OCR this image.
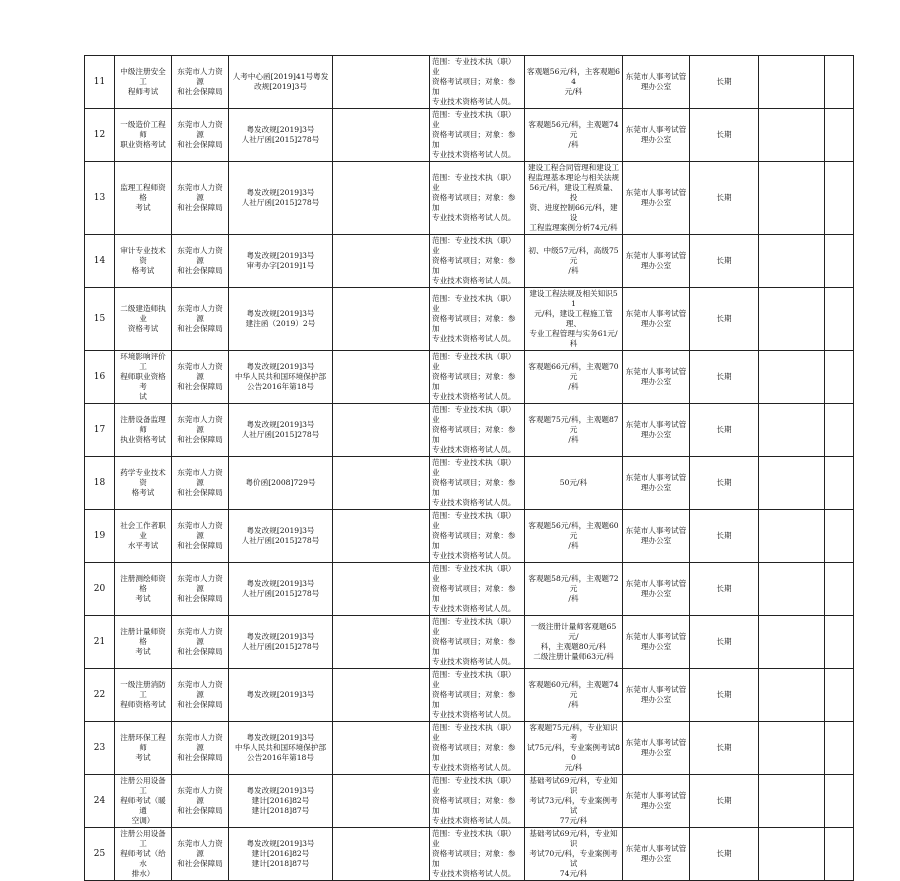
11	中级注册安全工
程师考试	东莞市人力资源
和社会保障局	人考中心函[2019]41号粤发
改规[2019]3号		范围：专业技术执（职）业
资格考试项目；对象：参加
专业技术资格考试人员。	客观题56元/科，主客观题64
元/科	东莞市人事考试管
理办公室	长期		
12	一级造价工程师
职业资格考试	东莞市人力资源
和社会保障局	粤发改规[2019]3号
人社厅函[2015]278号		范围：专业技术执（职）业
资格考试项目；对象：参加
专业技术资格考试人员。	客观题56元/科，主观题74元
/科	东莞市人事考试管
理办公室	长期		
13	监理工程师资格
考试	东莞市人力资源
和社会保障局	粤发改规[2019]3号
人社厅函[2015]278号		范围：专业技术执（职）业
资格考试项目；对象：参加
专业技术资格考试人员。	建设工程合同管理和建设工
程监理基本理论与相关法规
56元/科，建设工程质量、投
资、进度控制66元/科，建设
工程监理案例分析74元/科	东莞市人事考试管
理办公室	长期		
14	审计专业技术资
格考试	东莞市人力资源
和社会保障局	粤发改规[2019]3号
审考办字[2019]1号		范围：专业技术执（职）业
资格考试项目；对象：参加
专业技术资格考试人员。	初、中级57元/科，高级75元
/科	东莞市人事考试管
理办公室	长期		
15	二级建造师执业
资格考试	东莞市人力资源
和社会保障局	粤发改规[2019]3号
建注函（2019）2号		范围：专业技术执（职）业
资格考试项目；对象：参加
专业技术资格考试人员。	建设工程法规及相关知识51
元/科，建设工程施工管理、
专业工程管理与实务61元/科	东莞市人事考试管
理办公室	长期		
16	环境影响评价工
程师职业资格考
试	东莞市人力资源
和社会保障局	粤发改规[2019]3号
中华人民共和国环境保护部
公告2016年第18号		范围：专业技术执（职）业
资格考试项目；对象：参加
专业技术资格考试人员。	客观题66元/科，主观题70元
/科	东莞市人事考试管
理办公室	长期		
17	注册设备监理师
执业资格考试	东莞市人力资源
和社会保障局	粤发改规[2019]3号
人社厅函[2015]278号		范围：专业技术执（职）业
资格考试项目；对象：参加
专业技术资格考试人员。	客观题75元/科，主观题87元
/科	东莞市人事考试管
理办公室	长期		
18	药学专业技术资
格考试	东莞市人力资源
和社会保障局	粤价函[2008]729号		范围：专业技术执（职）业
资格考试项目；对象：参加
专业技术资格考试人员。	50元/科	东莞市人事考试管
理办公室	长期		
19	社会工作者职业
水平考试	东莞市人力资源
和社会保障局	粤发改规[2019]3号
人社厅函[2015]278号		范围：专业技术执（职）业
资格考试项目；对象：参加
专业技术资格考试人员。	客观题56元/科，主观题60元
/科	东莞市人事考试管
理办公室	长期		
20	注册测绘师资格
考试	东莞市人力资源
和社会保障局	粤发改规[2019]3号
人社厅函[2015]278号		范围：专业技术执（职）业
资格考试项目；对象：参加
专业技术资格考试人员。	客观题58元/科，主观题72元
/科	东莞市人事考试管
理办公室	长期		
21	注册计量师资格
考试	东莞市人力资源
和社会保障局	粤发改规[2019]3号
人社厅函[2015]278号		范围：专业技术执（职）业
资格考试项目；对象：参加
专业技术资格考试人员。	一级注册计量师客观题65元/
科，主观题80元/科
二级注册计量师63元/科	东莞市人事考试管
理办公室	长期		
22	一级注册消防工
程师资格考试	东莞市人力资源
和社会保障局	粤发改规[2019]3号		范围：专业技术执（职）业
资格考试项目；对象：参加
专业技术资格考试人员。	客观题60元/科，主观题74元
/科	东莞市人事考试管
理办公室	长期		
23	注册环保工程师
考试	东莞市人力资源
和社会保障局	粤发改规[2019]3号
中华人民共和国环境保护部
公告2016年第18号		范围：专业技术执（职）业
资格考试项目；对象：参加
专业技术资格考试人员。	客观题75元/科，专业知识考
试75元/科，专业案例考试80
元/科	东莞市人事考试管
理办公室	长期		
24	注册公用设备工
程师考试（暖通
空调）	东莞市人力资源
和社会保障局	粤发改规[2019]3号
建计[2016]82号
建计[2018]87号		范围：专业技术执（职）业
资格考试项目；对象：参加
专业技术资格考试人员。	基础考试69元/科，专业知识
考试73元/科，专业案例考试
77元/科	东莞市人事考试管
理办公室	长期		
25	注册公用设备工
程师考试（给水
排水）	东莞市人力资源
和社会保障局	粤发改规[2019]3号
建计[2016]82号
建计[2018]87号		范围：专业技术执（职）业
资格考试项目；对象：参加
专业技术资格考试人员。	基础考试69元/科，专业知识
考试70元/科，专业案例考试
74元/科	东莞市人事考试管
理办公室	长期		
